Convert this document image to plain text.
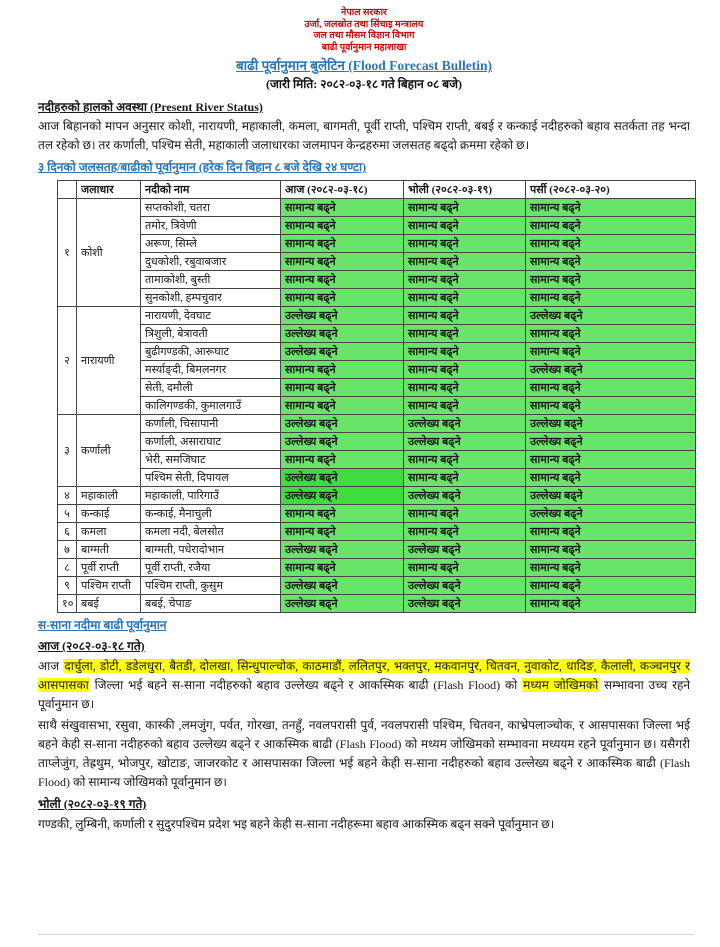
नेपाल सरकार
उर्जा, जलस्रोत तथा सिंचाइ मन्त्रालय
जल तथा मौसम विज्ञान विभाग
बाढी पूर्वानुमान महाशाखा
बाढी पूर्वानुमान बुलेटिन (Flood Forecast Bulletin)
(जारी मिति: २०८२-०३-१८ गते बिहान ०८ बजे)
नदीहरुको हालको अवस्था (Present River Status)
आज बिहानको मापन अनुसार कोशी, नारायणी, महाकाली, कमला, बागमती, पूर्वी राप्ती, पश्चिम राप्ती, बबई र कन्काई नदीहरुको बहाव सतर्कता तह भन्दा तल रहेको छ। तर कर्णाली, पश्चिम सेती, महाकाली जलाधारका जलमापन केन्द्रहरुमा जलसतह बढ्दो क्रममा रहेको छ।
३ दिनको जलसतह/बाढीको पूर्वानुमान (हरेक दिन बिहान ८ बजे देखि २४ घण्टा)
	जलाधार	नदीको नाम	आज (२०८२-०३-१८)	भोली (२०८२-०३-१९)	पर्सी (२०८२-०३-२०)
१	कोशी	सप्तकोशी, चतरा	सामान्य बढ्ने	सामान्य बढ्ने	सामान्य बढ्ने
		तमोर, त्रिवेणी	सामान्य बढ्ने	सामान्य बढ्ने	सामान्य बढ्ने
		अरूण, सिम्ले	सामान्य बढ्ने	सामान्य बढ्ने	सामान्य बढ्ने
		दुधकोशी, रबुवाबजार	सामान्य बढ्ने	सामान्य बढ्ने	सामान्य बढ्ने
		तामाकोशी, बुस्ती	सामान्य बढ्ने	सामान्य बढ्ने	सामान्य बढ्ने
		सुनकोशी, हम्पचुवार	सामान्य बढ्ने	सामान्य बढ्ने	सामान्य बढ्ने
२	नारायणी	नारायणी, देवघाट	उल्लेख्य बढ्ने	सामान्य बढ्ने	उल्लेख्य बढ्ने
		त्रिशुली, बेत्रावती	उल्लेख्य बढ्ने	सामान्य बढ्ने	सामान्य बढ्ने
		बुढीगण्डकी, आरूघाट	उल्लेख्य बढ्ने	सामान्य बढ्ने	सामान्य बढ्ने
		मर्स्याङ्दी, बिमलनगर	सामान्य बढ्ने	सामान्य बढ्ने	उल्लेख्य बढ्ने
		सेती, दमौली	सामान्य बढ्ने	सामान्य बढ्ने	सामान्य बढ्ने
		कालिगण्डकी, कुमालगाउँ	सामान्य बढ्ने	सामान्य बढ्ने	सामान्य बढ्ने
३	कर्णाली	कर्णाली, चिसापानी	उल्लेख्य बढ्ने	उल्लेख्य बढ्ने	उल्लेख्य बढ्ने
		कर्णाली, असाराघाट	उल्लेख्य बढ्ने	उल्लेख्य बढ्ने	उल्लेख्य बढ्ने
		भेरी, समजिघाट	सामान्य बढ्ने	सामान्य बढ्ने	सामान्य बढ्ने
		पश्चिम सेती, दिपायल	उल्लेख्य बढ्ने	सामान्य बढ्ने	सामान्य बढ्ने
४	महाकाली	महाकाली, पारिगाउँ	उल्लेख्य बढ्ने	उल्लेख्य बढ्ने	उल्लेख्य बढ्ने
५	कन्काई	कन्काई, मैनाचुली	सामान्य बढ्ने	सामान्य बढ्ने	उल्लेख्य बढ्ने
६	कमला	कमला नदी, बेलसोत	सामान्य बढ्ने	सामान्य बढ्ने	सामान्य बढ्ने
७	बाग्मती	बाग्मती, पधेरादोभान	उल्लेख्य बढ्ने	उल्लेख्य बढ्ने	सामान्य बढ्ने
८	पूर्वी राप्ती	पूर्वी राप्ती, रजैया	सामान्य बढ्ने	सामान्य बढ्ने	सामान्य बढ्ने
९	पश्चिम राप्ती	पश्चिम राप्ती, कुसुम	उल्लेख्य बढ्ने	उल्लेख्य बढ्ने	सामान्य बढ्ने
१०	बबई	बबई, चेपाङ	उल्लेख्य बढ्ने	उल्लेख्य बढ्ने	सामान्य बढ्ने
स-साना नदीमा बाढी पूर्वानुमान
आज (२०८२-०३-१८ गते)
आज दार्चुला, डोटी, डडेलधुरा, बैतडी, दोलखा, सिन्धुपाल्चोक, काठमाडौं, ललितपुर, भक्तपुर, मकवानपुर, चितवन, नुवाकोट, धादिङ, कैलाली, कञ्चनपुर र आसपासका जिल्ला भई बहने स-साना नदीहरुको बहाव उल्लेख्य बढ्ने र आकस्मिक बाढी (Flash Flood) को मध्यम जोखिमको सम्भावना उच्च रहने पूर्वानुमान छ।
साथै संखुवासभा, रसुवा, कास्की ,लमजुंग, पर्वत, गोरखा, तनहुँ, नवलपरासी पुर्व, नवलपरासी पश्चिम, चितवन, काभ्रेपलाञ्चोक, र आसपासका जिल्ला भई बहने केही स-साना नदीहरुको बहाव उल्लेख्य बढ्ने र आकस्मिक बाढी (Flash Flood) को मध्यम जोखिमको सम्भावना मध्ययम रहने पूर्वानुमान छ। यसैगरी ताप्लेजुंग, तेह्रथुम, भोजपुर, खोटाङ, जाजरकोट र आसपासका जिल्ला भई बहने केही स-साना नदीहरुको बहाव उल्लेख्य बढ्ने र आकस्मिक बाढी (Flash Flood) को सामान्य जोखिमको पूर्वानुमान छ।
भोली (२०८२-०३-१९ गते)
गण्डकी, लुम्बिनी, कर्णाली र सुदुरपश्चिम प्रदेश भइ बहने केही स-साना नदीहरूमा बहाव आकस्मिक बढ्न सक्ने पूर्वानुमान छ।
